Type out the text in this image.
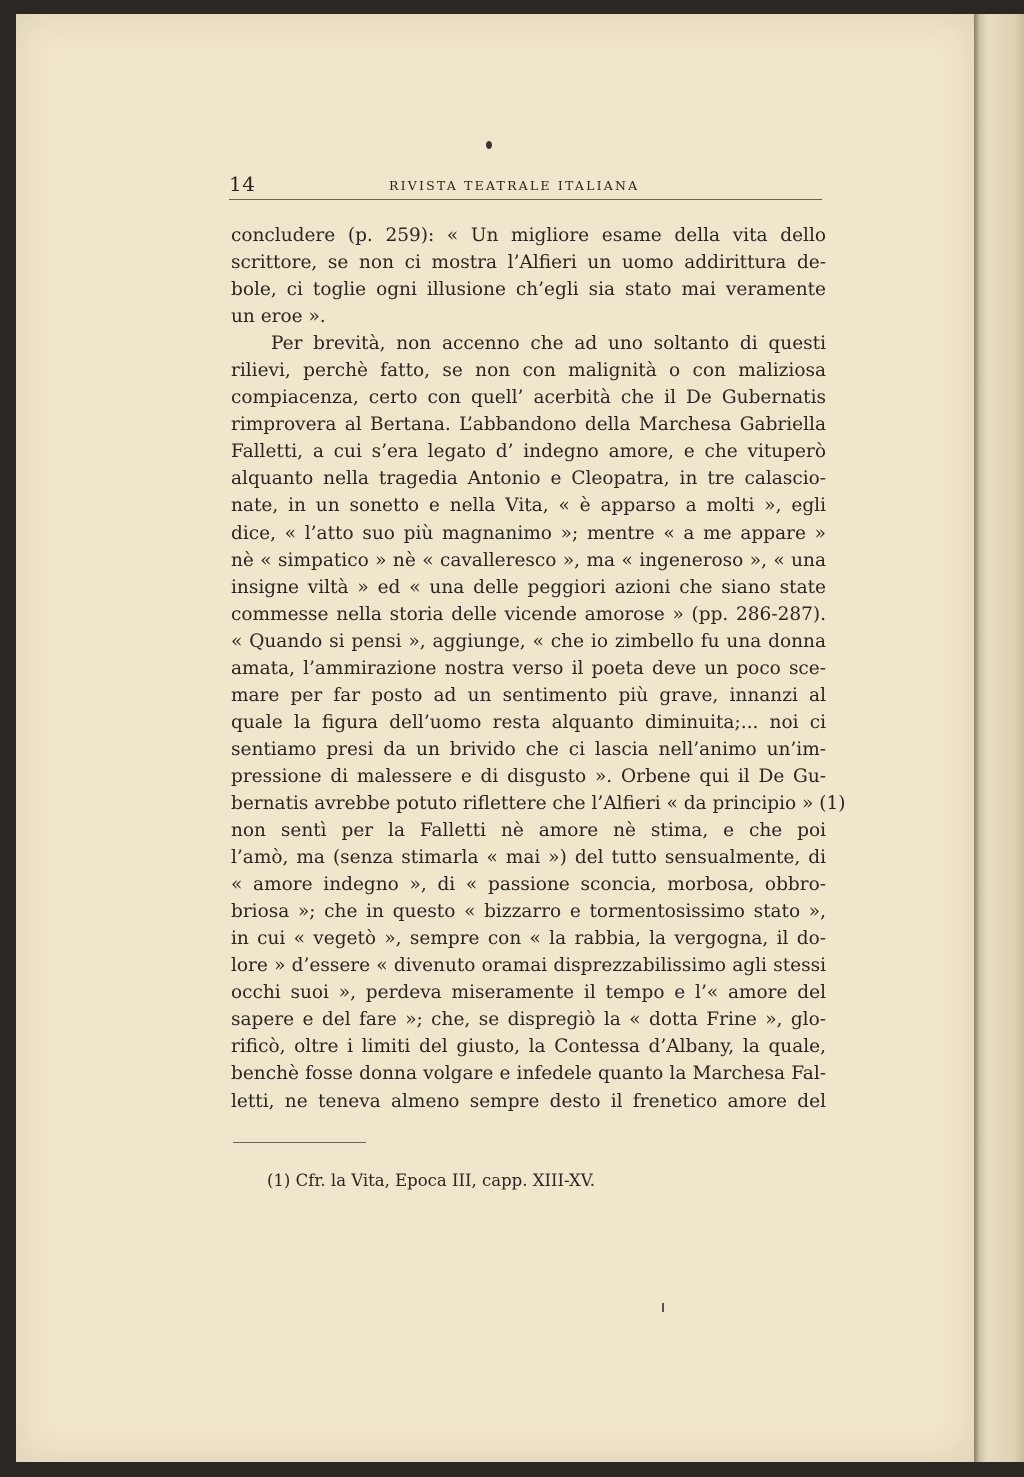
14	RIVISTA TEATRALE ITALIANA
concludere (p. 259): « Un migliore esame della vita dello
scrittore, se non ci mostra l’Alfieri un uomo addirittura de-
bole, ci toglie ogni illusione ch’egli sia stato mai veramente
un eroe ».
Per brevità, non accenno che ad uno soltanto di questi
rilievi, perchè fatto, se non con malignità o con maliziosa
compiacenza, certo con quell’ acerbità che il De Gubernatis
rimprovera al Bertana. L’abbandono della Marchesa Gabriella
Falletti, a cui s’era legato d’ indegno amore, e che vituperò
alquanto nella tragedia Antonio e Cleopatra, in tre calascio-
nate, in un sonetto e nella Vita, « è apparso a molti », egli
dice, « l’atto suo più magnanimo »; mentre « a me appare »
nè « simpatico » nè « cavalleresco », ma « ingeneroso », « una
insigne viltà » ed « una delle peggiori azioni che siano state
commesse nella storia delle vicende amorose » (pp. 286-287).
« Quando si pensi », aggiunge, « che io zimbello fu una donna
amata, l’ammirazione nostra verso il poeta deve un poco sce-
mare per far posto ad un sentimento più grave, innanzi al
quale la figura dell’uomo resta alquanto diminuita;... noi ci
sentiamo presi da un brivido che ci lascia nell’animo un’im-
pressione di malessere e di disgusto ». Orbene qui il De Gu-
bernatis avrebbe potuto riflettere che l’Alfieri « da principio » (1)
non sentì per la Falletti nè amore nè stima, e che poi
l’amò, ma (senza stimarla « mai ») del tutto sensualmente, di
« amore indegno », di « passione sconcia, morbosa, obbro-
briosa »; che in questo « bizzarro e tormentosissimo stato »,
in cui « vegetò », sempre con « la rabbia, la vergogna, il do-
lore » d’essere « divenuto oramai disprezzabilissimo agli stessi
occhi suoi », perdeva miseramente il tempo e l’« amore del
sapere e del fare »; che, se dispregiò la « dotta Frine », glo-
rificò, oltre i limiti del giusto, la Contessa d’Albany, la quale,
benchè fosse donna volgare e infedele quanto la Marchesa Fal-
letti, ne teneva almeno sempre desto il frenetico amore del
(1) Cfr. la Vita, Epoca III, capp. XIII-XV.
